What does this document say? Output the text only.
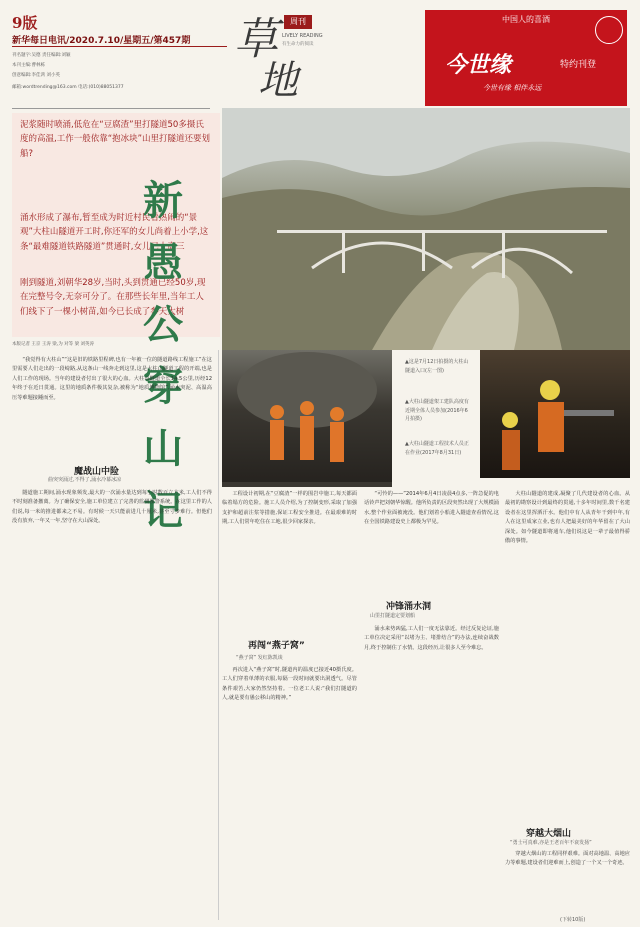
9版
新华每日电讯/2020.7.10/星期五/第457期
刊名题字:吴德 责任编辑:刘颖
本刊主编:曹林栋
创意编辑:李佳鸿 刘小英
邮箱:wordtrending@163.com 电话:(010)88051377
草
地
周刊
LIVELY READING
有生命力的阅读
中国人的喜酒
今世缘	特约刊登
今世有缘 相伴永远
泥浆随时喷涌,低危在“豆腐渣”里打隧道50多摄氏度的高温,工作一般依靠“抱冰块”山里打隧道还要划船?
涌水形成了瀑布,暂至成为时近村民看热闹的“景观”大柱山隧道开工时,你还军的女儿尚着上小学,这条“最难隧道铁路隧道”贯通时,女儿已上高三
刚到隧道,刘朝华28岁,当时,头到贯通已经50岁,现在完整号令,无奈可分了。在那些长年里,当年工人们线下了一棵小树苗,如今已长成了参天大树
本版记者 王京 王涛 梁,为 对等 梁 刘英涛
新
愚
公
穿
山
记
“我觉得有大柱山”“这是旧的铁路里程碑,也有一年被一位的隧道路线工程施工”在这里需要人们走出的一段崎路,从这条山一线奔走到这里,这是大柱山隧道工程的开端,也是人们工作的现场。当年的建设者付出了很大的心血。大柱山隧道全长14.5公里,历经12年终于在近日贯通。这里的地质条件极其复杂,被称为“地质博物馆”,涌水突泥、高温高压等难题接踵而至。
魔战山中险
曲突突涌过,不得了,涌水冷幕冰凉
隧道施工期间,涌水现象频发,最大的一次涌水量达到每小时数百立方米,工人们不得不时刻准备撤离。为了确保安全,施工单位建立了完善的监测预警系统。在这里工作的人们说,每一米的推进都来之不易。有时候一天只能前进几十厘米,甚至寸步难行。但他们没有放弃,一年又一年,坚守在大山深处。
▲这是7月12日拍摄的大柱山隧道入口(左一图)
▲大柱山隧道架工建队高度有近期全体人员参加(2016年6月拍摄)
▲大柱山隧道工程技术人员正在作业(2017年8月31日)
工程设计初期,在“豆腐渣”一样的围岩中施工,每天都面临着塌方的危险。施工人员介绍,为了控制变形,采取了加强支护和超前注浆等措施,保证工程安全推进。在最艰难的时期,工人们常年吃住在工地,很少回家探亲。
再闯“燕子窝”
“燕子窝” 发红陈凯谈
再次进入“燕子窝”时,隧道内的温度已接近40摄氏度。工人们穿着单薄的衣服,每隔一段时间就要出洞透气。尽管条件艰苦,大家仍然坚持着。一位老工人说:“我们打隧道的人,就是要有愚公移山的精神。”
“可怜的——”2014年6月4日凌晨4点多,一阵急促的电话铃声把刘朝华惊醒。他所负责的区段突然出现了大规模涌水,整个作业面被淹没。他们划着小船进入隧道查看情况,这在全国铁路建设史上都极为罕见。
冲锋涌水洞
山里打隧道定要划船
涌水来势凶猛,工人们一度无法靠近。经过反复论证,施工单位决定采用“以堵为主、堵排结合”的办法,连续奋战数月,终于控制住了水情。这段经历,让很多人至今难忘。
大柱山隧道的建成,凝聚了几代建设者的心血。从最初的勘察设计到最终的贯通,十多年时间里,数千名建设者在这里挥洒汗水。他们中有人从青年干到中年,有人在这里成家立业,也有人把最美好的年华留在了大山深处。如今隧道即将通车,他们说这是一辈子最值得骄傲的事情。
穿越大烟山
“勇士可真难,亦是王老百年不衰发扬”
穿越大烟山的工程同样艰难。面对高地温、高地应力等难题,建设者们迎难而上,创造了一个又一个奇迹。
(下转10版)
